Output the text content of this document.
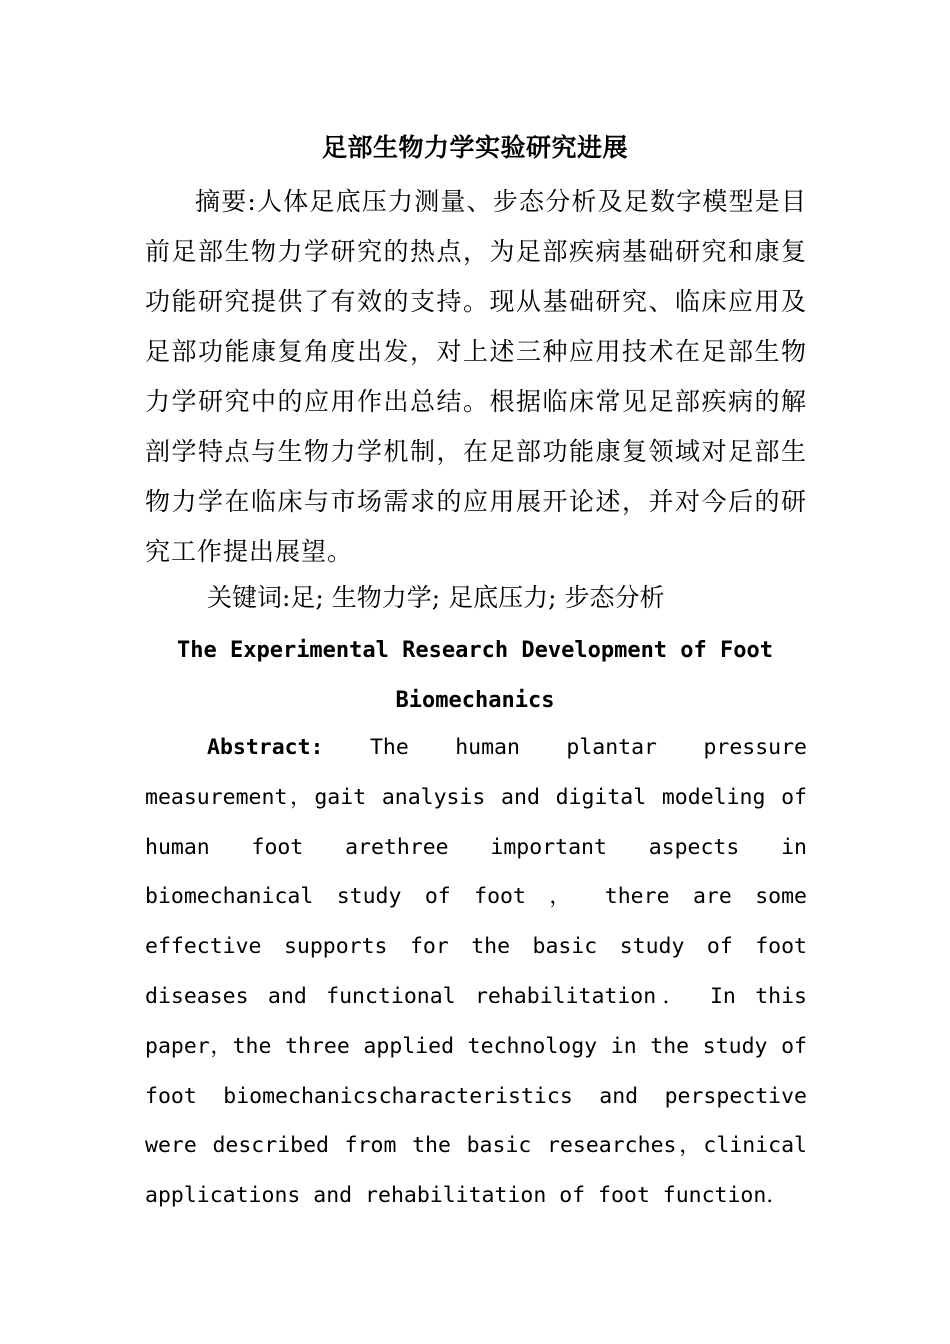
足部生物力学实验研究进展
摘要:人体足底压力测量、步态分析及足数字模型是目前足部生物力学研究的热点，为足部疾病基础研究和康复功能研究提供了有效的支持。现从基础研究、临床应用及足部功能康复角度出发，对上述三种应用技术在足部生物力学研究中的应用作出总结。根据临床常见足部疾病的解剖学特点与生物力学机制，在足部功能康复领域对足部生物力学在临床与市场需求的应用展开论述，并对今后的研究工作提出展望。
关键词:足; 生物力学; 足底压力; 步态分析
The Experimental Research Development of Foot Biomechanics
Abstract: The human plantar pressure measurement，gait analysis and digital modeling of human foot arethree important aspects in biomechanical study of foot ， there are some effective supports for the basic study of foot diseases and functional rehabilitation． In this paper，the three applied technology in the study of foot biomechanicscharacteristics and perspective were described from the basic researches，clinical applications and rehabilitation of foot function．
